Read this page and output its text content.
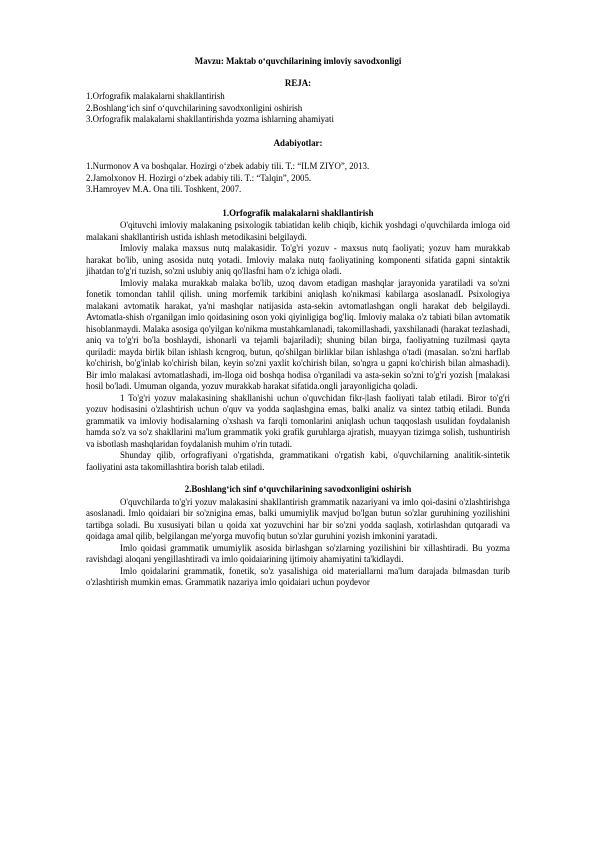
Mavzu: Maktab o‘quvchilarining imloviy savodxonligi
REJA:
1.Orfografik malakalarni shakllantirish
2.Boshlang‘ich sinf o‘quvchilarining savodxonligini oshirish
3.Orfografik malakalarni shakllantirishda yozma ishlarning ahamiyati
Adabiyotlar:
1.Nurmonov A va boshqalar. Hozirgi o‘zbek adabiy tili. T.: “ILM ZIYO”, 2013.
2.Jamolxonov H. Hozirgi o‘zbek adabiy tili. T.: “Talqin”, 2005.
3.Hamroyev M.A. Ona tili. Toshkent, 2007.
1.Orfografik malakalarni shakllantirish

O'qituvchi imloviy malakaning psixologik tabiatidan kelib chiqib, kichik yoshdagi o'quvchilarda imloga oid malakani shakllantirish ustida ishlash metodikasini belgilaydi.

Imloviy malaka maxsus nutq malakasidir. To'g'ri yozuv - maxsus nutq faoliyati; yozuv ham murakkab harakat bo'lib, uning asosida nutq yotadi. Imloviy malaka nutq faoliyatining komponenti sifatida gapni sintaktik jihatdan to'g'ri tuzish, so'zni uslubiy aniq qo'llasfni ham o'z ichiga oladi.

Imloviy malaka murakkab malaka bo'lib, uzoq davom etadigan mashqlar jarayonida yaratiladi va so'zni fonetik tomondan tahlil qilish. uning morfemik tarkibini aniqlash ko'nikmasi kabilarga asoslanadL Psixologiya malakani avtomatik harakat, ya'ni mashqlar natijasida asta-sekin avtomatlashgan ongli harakat deb belgilaydi. Avtomatla-shish o'rganilgan imlo qoidasining oson yoki qiyinligiga bog'liq. Imloviy malaka o'z tabiati bilan avtomatik hisoblanmaydi. Malaka asosiga qo'yilgan ko'nikma mustahkamlanadi, takomillashadi, yaxshilanadi (harakat tezlashadi, aniq va to'g'ri bo'la boshlaydi, ishonarli va tejamli bajariladi); shuning bilan birga, faoliyatning tuzilmasi qayta quriladi: mayda birlik bilan ishlash kcngroq, butun, qo'shilgan birliklar bilan ishlashga o'tadi (masalan. so'zni harflab ko'chirish, bo'g'inlab ko'chirish bilan, keyin so'zni yaxlit ko'chirish bilan, so'ngra u gapni ko'chirish bilan almashadi). Bir imlo malakasi avtomatlashadi, im-lloga oid boshqa hodisa o'rganiladi va asta-sekin so'zni to'g'ri yozish [malakasi hosil bo'ladi. Umuman olganda, yozuv murakkab harakat sifatida.ongli jarayonligicha qoladi.

1 To'g'ri yozuv malakasining shakllanishi uchun o'quvchidan fikr-|lash faoliyati talab etiladi. Biror to'g'ri yozuv hodisasini o'zlashtirish uchun o'quv va yodda saqlashgina emas, balki analiz va sintez tatbiq etiladi. Bunda grammatik va imloviy hodisalarning o'xshash va farqli tomonlarini aniqlash uchun taqqoslash usulidan foydalanish hamda so'z va so'z shakllarini ma'lum grammatik yoki grafik guruhlarga ajratish, muayyan tizimga solish, tushuntirish va isbotlash mashqlaridan foydalanish muhim o'rin tutadi.

Shunday qilib, orfografiyani o'rgatishda, grammatikani o'rgatish kabi, o'quvchilarning analitik-sintetik faoliyatini asta takomillashtira borish talab etiladi.

2.Boshlang‘ich sinf o‘quvchilarining savodxonligini oshirish

O'quvchilarda to'g'ri yozuv malakasini shakllantirish grammatik nazariyani va imlo qoi-dasini o'zlashtirishga asoslanadi. Imlo qoidaiari bir so'znigina emas, balki umumiylik mavjud bo'lgan butun so'zlar guruhining yozilishini tartibga soladi. Bu xususiyati bilan u qoida xat yozuvchini har bir so'zni yodda saqlash, xotirlashdan qutqaradi va qoidaga amal qilib, belgilangan me'yorga muvofiq butun so'zlar guruhini yozish imkonini yaratadi.

Imlo qoidasi grammatik umumiylik asosida birlashgan so'zlarning yozilishini bir xillashtiradi. Bu yozma ravishdagi aloqani yengillashtiradi va imlo qoidaiarining ijtimoiy ahamiyatini ta'kidlaydi.

Imlo qoidalarini grammatik, fonetik, so'z yasalishiga oid materiallarni ma'lum darajada bılmasdan turib o'zlashtirish mumkin emas. Grammatik nazariya imlo qoidaiari uchun poydevor
